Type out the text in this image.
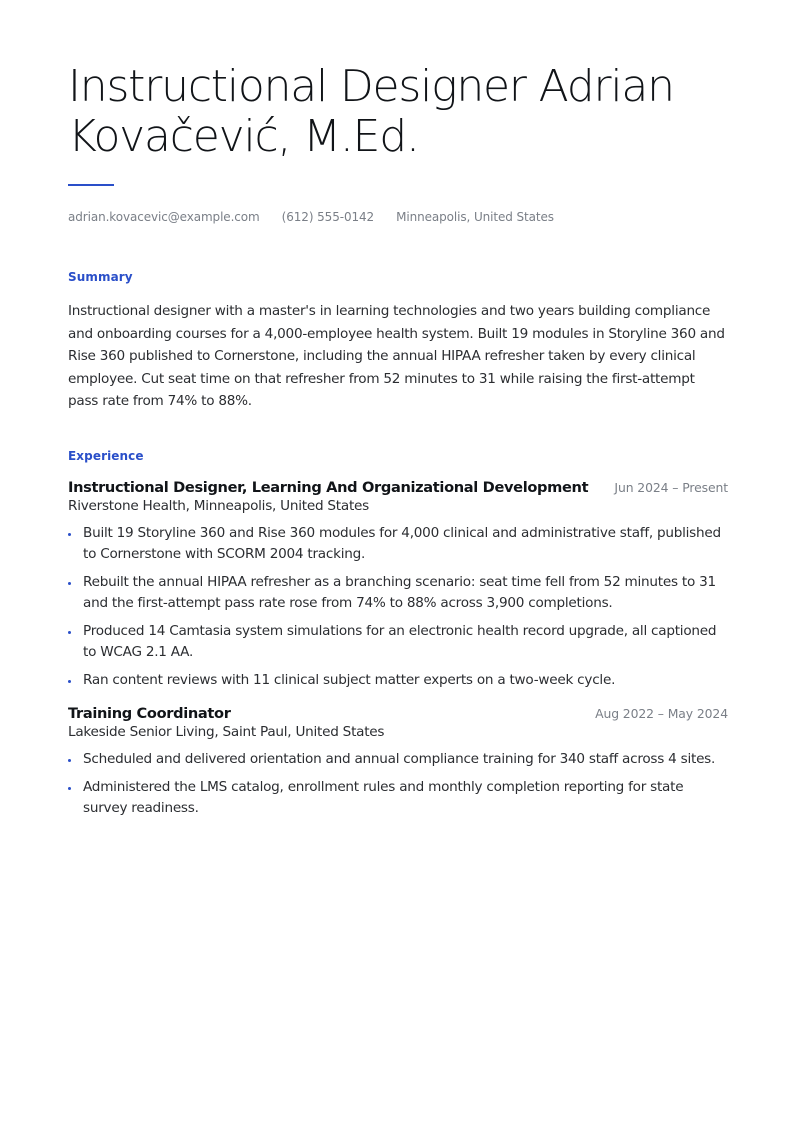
Instructional Designer Adrian Kovačević, M.Ed.
adrian.kovacevic@example.com (612) 555-0142 Minneapolis, United States
Summary
Instructional designer with a master's in learning technologies and two years building compliance and onboarding courses for a 4,000-employee health system. Built 19 modules in Storyline 360 and Rise 360 published to Cornerstone, including the annual HIPAA refresher taken by every clinical employee. Cut seat time on that refresher from 52 minutes to 31 while raising the first-attempt pass rate from 74% to 88%.
Experience
Instructional Designer, Learning And Organizational Development Jun 2024 – Present
Riverstone Health, Minneapolis, United States
Built 19 Storyline 360 and Rise 360 modules for 4,000 clinical and administrative staff, published to Cornerstone with SCORM 2004 tracking.
Rebuilt the annual HIPAA refresher as a branching scenario: seat time fell from 52 minutes to 31 and the first-attempt pass rate rose from 74% to 88% across 3,900 completions.
Produced 14 Camtasia system simulations for an electronic health record upgrade, all captioned to WCAG 2.1 AA.
Ran content reviews with 11 clinical subject matter experts on a two-week cycle.
Training Coordinator	Aug 2022 – May 2024
Lakeside Senior Living, Saint Paul, United States
Scheduled and delivered orientation and annual compliance training for 340 staff across 4 sites.
Administered the LMS catalog, enrollment rules and monthly completion reporting for state survey readiness.
